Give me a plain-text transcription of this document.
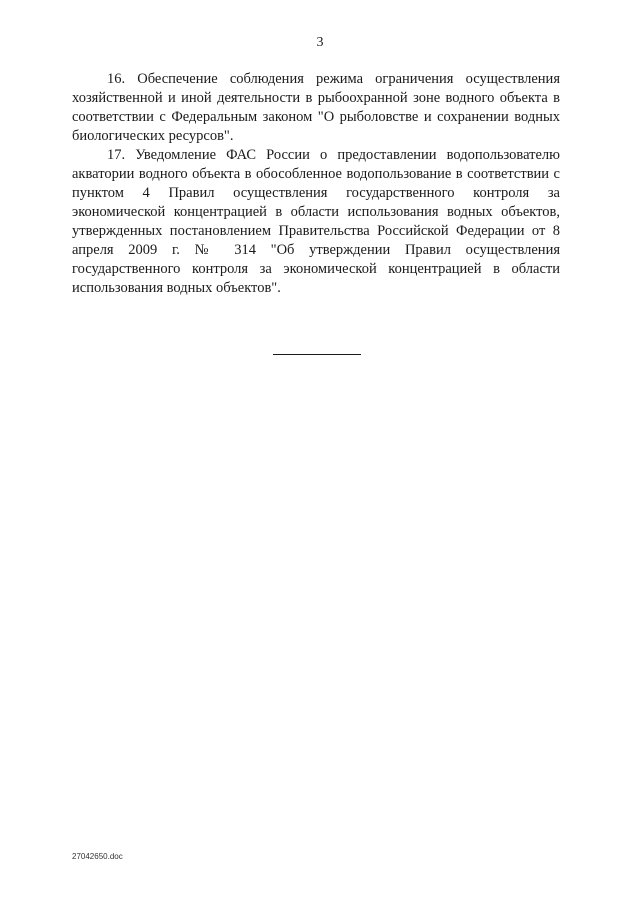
3

16. Обеспечение соблюдения режима ограничения осуществления хозяйственной и иной деятельности в рыбоохранной зоне водного объекта в соответствии с Федеральным законом "О рыболовстве и сохранении водных биологических ресурсов".

17. Уведомление ФАС России о предоставлении водопользователю акватории водного объекта в обособленное водопользование в соответствии с пунктом 4 Правил осуществления государственного контроля за экономической концентрацией в области использования водных объектов, утвержденных постановлением Правительства Российской Федерации от 8 апреля 2009 г. № 314 "Об утверждении Правил осуществления государственного контроля за экономической концентрацией в области использования водных объектов".

27042650.doc
